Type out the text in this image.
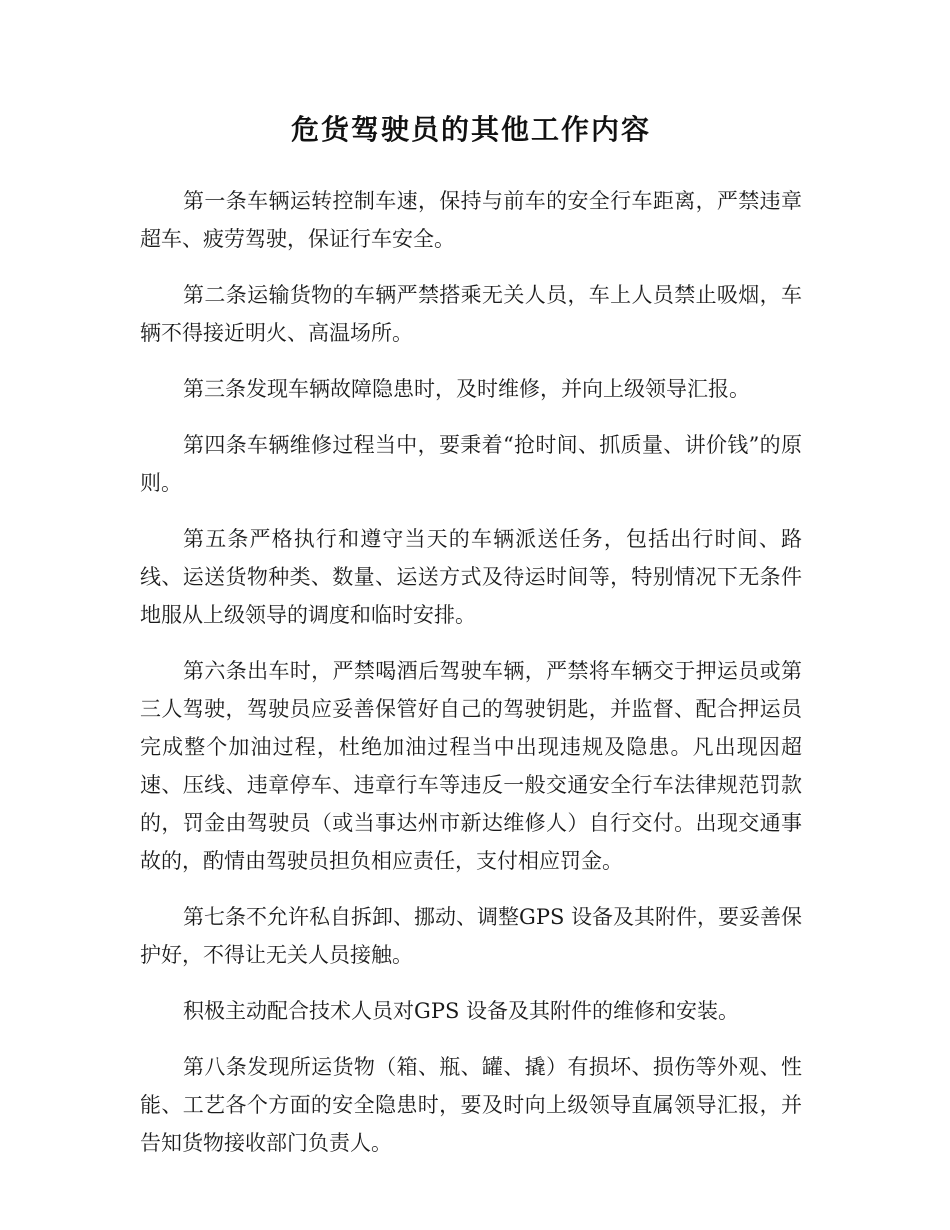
危货驾驶员的其他工作内容

第一条车辆运转控制车速，保持与前车的安全行车距离，严禁违章超车、疲劳驾驶，保证行车安全。

第二条运输货物的车辆严禁搭乘无关人员，车上人员禁止吸烟，车辆不得接近明火、高温场所。

第三条发现车辆故障隐患时，及时维修，并向上级领导汇报。

第四条车辆维修过程当中，要秉着“抢时间、抓质量、讲价钱”的原则。

第五条严格执行和遵守当天的车辆派送任务，包括出行时间、路线、运送货物种类、数量、运送方式及待运时间等，特别情况下无条件地服从上级领导的调度和临时安排。

第六条出车时，严禁喝酒后驾驶车辆，严禁将车辆交于押运员或第三人驾驶，驾驶员应妥善保管好自己的驾驶钥匙，并监督、配合押运员完成整个加油过程，杜绝加油过程当中出现违规及隐患。凡出现因超速、压线、违章停车、违章行车等违反一般交通安全行车法律规范罚款的，罚金由驾驶员（或当事达州市新达维修人）自行交付。出现交通事故的，酌情由驾驶员担负相应责任，支付相应罚金。

第七条不允许私自拆卸、挪动、调整GPS 设备及其附件，要妥善保护好，不得让无关人员接触。

积极主动配合技术人员对GPS 设备及其附件的维修和安装。

第八条发现所运货物（箱、瓶、罐、撬）有损坏、损伤等外观、性能、工艺各个方面的安全隐患时，要及时向上级领导直属领导汇报，并告知货物接收部门负责人。
